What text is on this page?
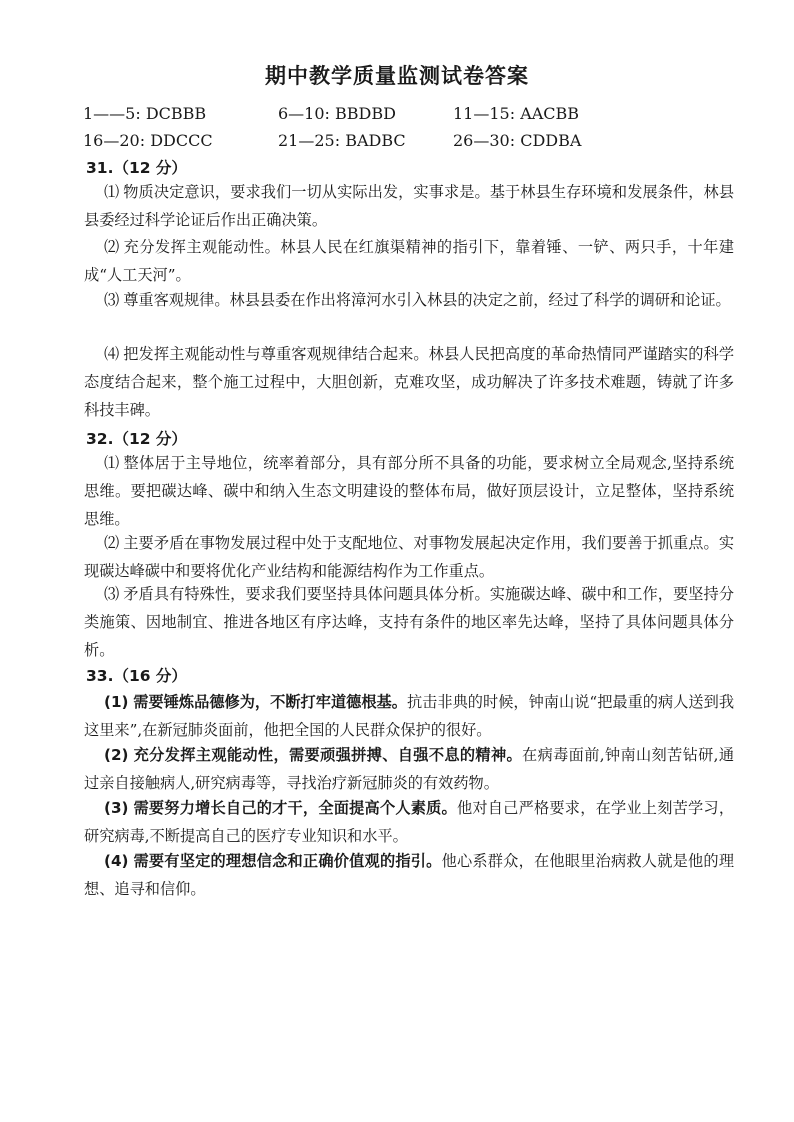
期中教学质量监测试卷答案
1——5: DCBBB	6—10: BBDBD	11—15: AACBB
16—20: DDCCC	21—25: BADBC	26—30: CDDBA
31.（12 分）
⑴ 物质决定意识，要求我们一切从实际出发，实事求是。基于林县生存环境和发展条件，林县县委经过科学论证后作出正确决策。
⑵ 充分发挥主观能动性。林县人民在红旗渠精神的指引下，靠着锤、一铲、两只手，十年建成“人工天河”。
⑶ 尊重客观规律。林县县委在作出将漳河水引入林县的决定之前，经过了科学的调研和论证。
⑷ 把发挥主观能动性与尊重客观规律结合起来。林县人民把高度的革命热情同严谨踏实的科学态度结合起来，整个施工过程中，大胆创新，克难攻坚，成功解决了许多技术难题，铸就了许多科技丰碑。
32.（12 分）
⑴ 整体居于主导地位，统率着部分，具有部分所不具备的功能，要求树立全局观念,坚持系统思维。要把碳达峰、碳中和纳入生态文明建设的整体布局，做好顶层设计，立足整体，坚持系统思维。
⑵ 主要矛盾在事物发展过程中处于支配地位、对事物发展起决定作用，我们要善于抓重点。实现碳达峰碳中和要将优化产业结构和能源结构作为工作重点。
⑶ 矛盾具有特殊性，要求我们要坚持具体问题具体分析。实施碳达峰、碳中和工作，要坚持分类施策、因地制宜、推进各地区有序达峰，支持有条件的地区率先达峰，坚持了具体问题具体分析。
33.（16 分）
(1) 需要锤炼品德修为，不断打牢道德根基。抗击非典的时候，钟南山说“把最重的病人送到我这里来”,在新冠肺炎面前，他把全国的人民群众保护的很好。
(2) 充分发挥主观能动性，需要顽强拼搏、自强不息的精神。在病毒面前,钟南山刻苦钻研,通过亲自接触病人,研究病毒等，寻找治疗新冠肺炎的有效药物。
(3) 需要努力增长自己的才干，全面提高个人素质。他对自己严格要求，在学业上刻苦学习，研究病毒,不断提高自己的医疗专业知识和水平。
(4) 需要有坚定的理想信念和正确价值观的指引。他心系群众，在他眼里治病救人就是他的理想、追寻和信仰。
